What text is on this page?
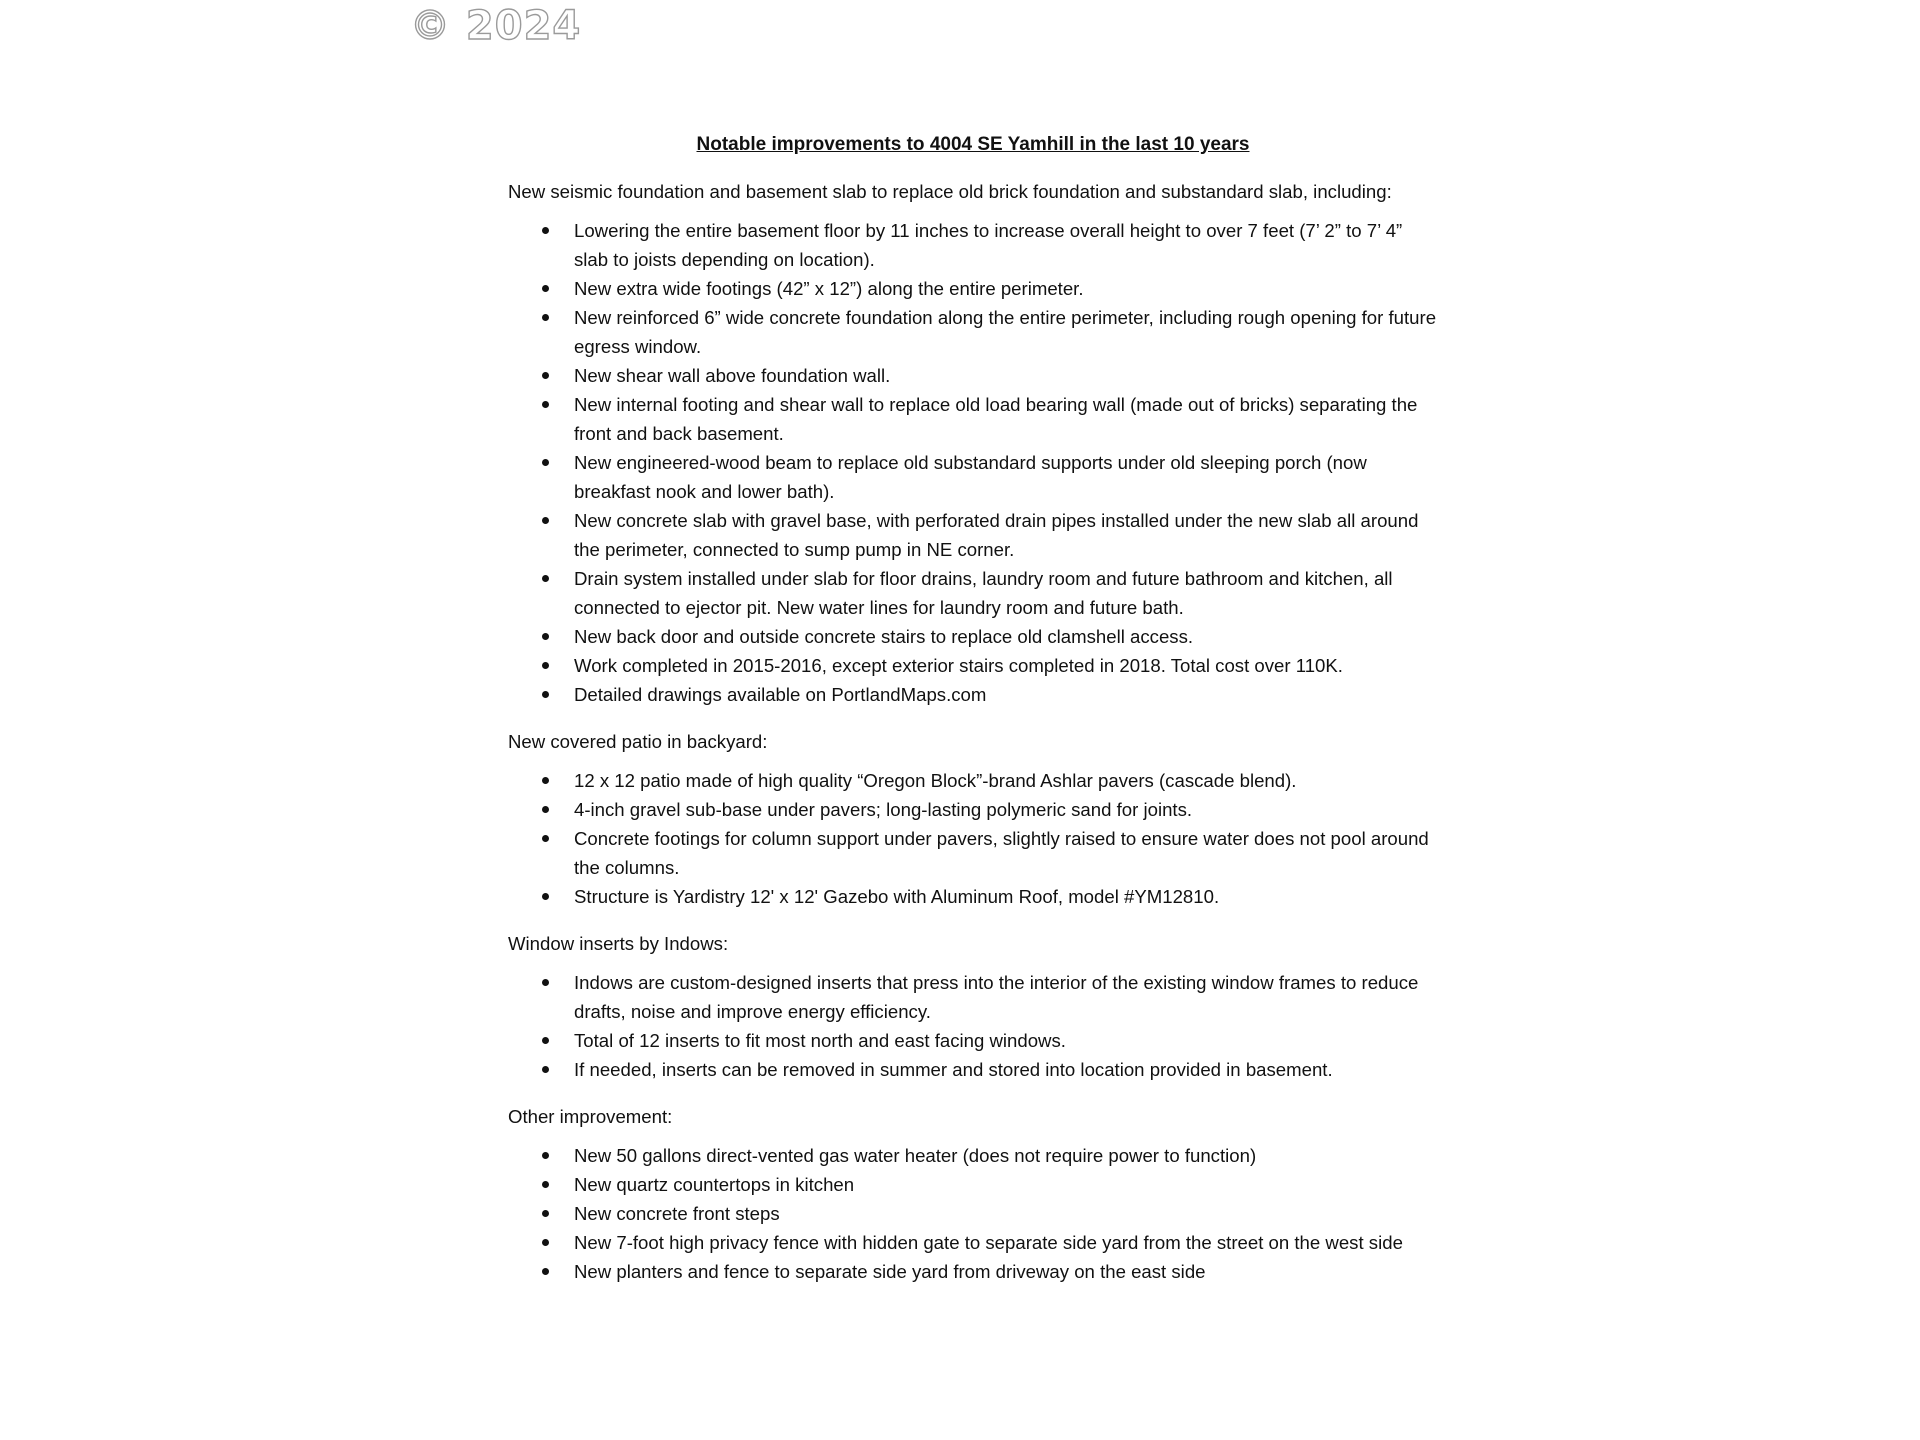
© 2024
Notable improvements to 4004 SE Yamhill in the last 10 years
New seismic foundation and basement slab to replace old brick foundation and substandard slab, including:
Lowering the entire basement floor by 11 inches to increase overall height to over 7 feet (7’ 2” to 7’ 4” slab to joists depending on location).
New extra wide footings (42” x 12”) along the entire perimeter.
New reinforced 6” wide concrete foundation along the entire perimeter, including rough opening for future egress window.
New shear wall above foundation wall.
New internal footing and shear wall to replace old load bearing wall (made out of bricks) separating the front and back basement.
New engineered-wood beam to replace old substandard supports under old sleeping porch (now breakfast nook and lower bath).
New concrete slab with gravel base, with perforated drain pipes installed under the new slab all around the perimeter, connected to sump pump in NE corner.
Drain system installed under slab for floor drains, laundry room and future bathroom and kitchen, all connected to ejector pit. New water lines for laundry room and future bath.
New back door and outside concrete stairs to replace old clamshell access.
Work completed in 2015-2016, except exterior stairs completed in 2018. Total cost over 110K.
Detailed drawings available on PortlandMaps.com
New covered patio in backyard:
12 x 12 patio made of high quality “Oregon Block”-brand Ashlar pavers (cascade blend).
4-inch gravel sub-base under pavers; long-lasting polymeric sand for joints.
Concrete footings for column support under pavers, slightly raised to ensure water does not pool around the columns.
Structure is Yardistry 12' x 12' Gazebo with Aluminum Roof, model #YM12810.
Window inserts by Indows:
Indows are custom-designed inserts that press into the interior of the existing window frames to reduce drafts, noise and improve energy efficiency.
Total of 12 inserts to fit most north and east facing windows.
If needed, inserts can be removed in summer and stored into location provided in basement.
Other improvement:
New 50 gallons direct-vented gas water heater (does not require power to function)
New quartz countertops in kitchen
New concrete front steps
New 7-foot high privacy fence with hidden gate to separate side yard from the street on the west side
New planters and fence to separate side yard from driveway on the east side
